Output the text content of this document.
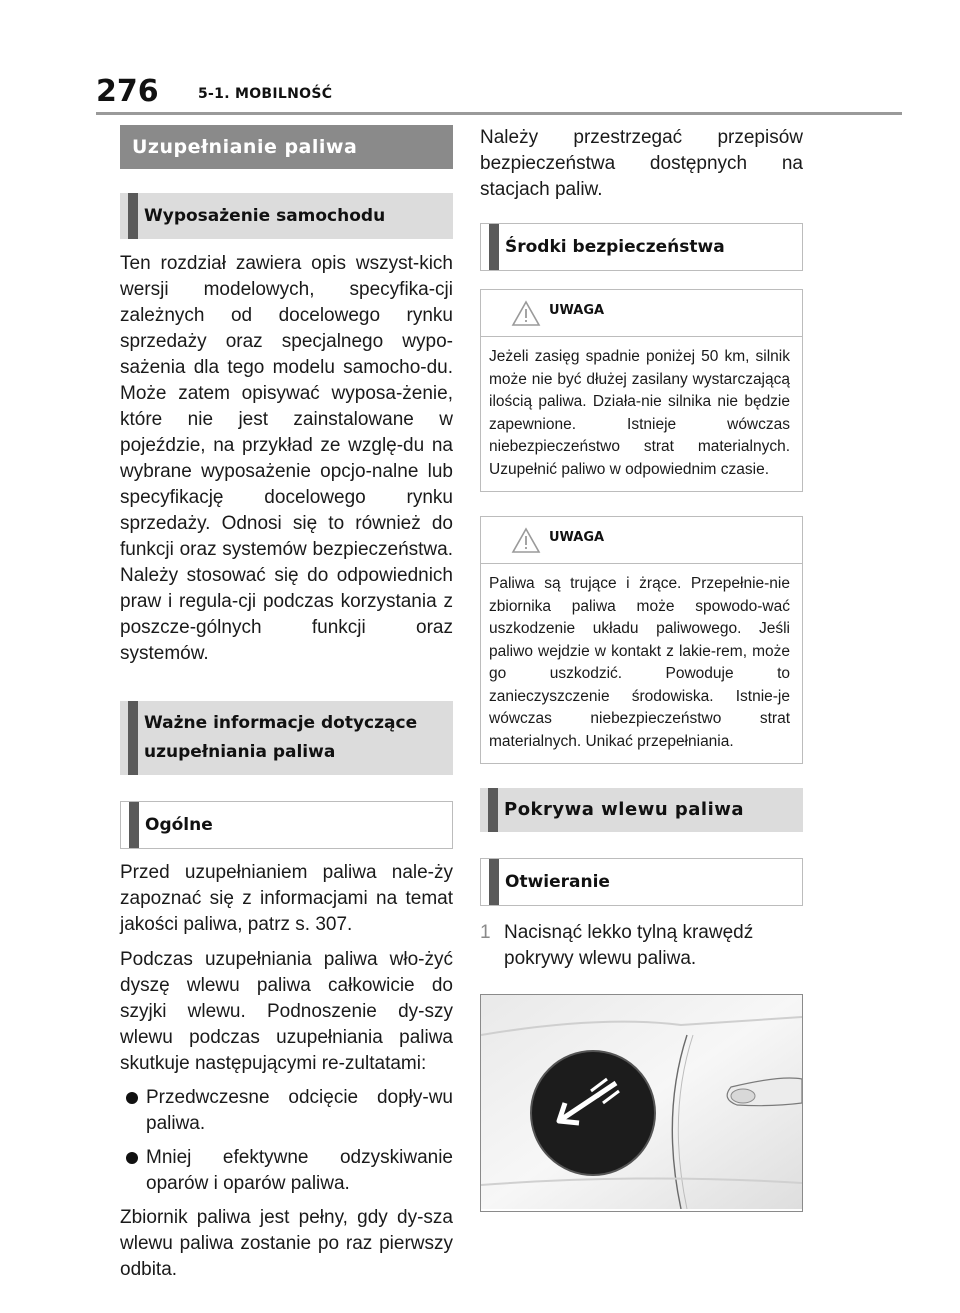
276	5-1. MOBILNOŚĆ
Uzupełnianie paliwa
Wyposażenie samochodu

Ten rozdział zawiera opis wszyst-kich wersji modelowych, specyfika-cji zależnych od docelowego rynku sprzedaży oraz specjalnego wypo-sażenia dla tego modelu samocho-du. Może zatem opisywać wyposa-żenie, które nie jest zainstalowane w pojeździe, na przykład ze wzglę-du na wybrane wyposażenie opcjo-nalne lub specyfikację docelowego rynku sprzedaży. Odnosi się to również do funkcji oraz systemów bezpieczeństwa. Należy stosować się do odpowiednich praw i regula-cji podczas korzystania z poszcze-gólnych funkcji oraz systemów.

Ważne informacje dotyczące uzupełniania paliwa
Ogólne

Przed uzupełnianiem paliwa nale-ży zapoznać się z informacjami na temat jakości paliwa, patrz s. 307.

Podczas uzupełniania paliwa wło-żyć dyszę wlewu paliwa całkowicie do szyjki wlewu. Podnoszenie dy-szy wlewu podczas uzupełniania paliwa skutkuje następującymi re-zultatami:

Przedwczesne odcięcie dopły-wu paliwa.
Mniej efektywne odzyskiwanie oparów i oparów paliwa.

Zbiornik paliwa jest pełny, gdy dy-sza wlewu paliwa zostanie po raz pierwszy odbita.

Należy przestrzegać przepisów bezpieczeństwa dostępnych na stacjach paliw.

Środki bezpieczeństwa
UWAGA
Jeżeli zasięg spadnie poniżej 50 km, silnik może nie być dłużej zasilany wystarczającą ilością paliwa. Działa-nie silnika nie będzie zapewnione. Istnieje wówczas niebezpieczeństwo strat materialnych. Uzupełnić paliwo w odpowiednim czasie.
UWAGA
Paliwa są trujące i żrące. Przepełnie-nie zbiornika paliwa może spowodo-wać uszkodzenie układu paliwowego. Jeśli paliwo wejdzie w kontakt z lakie-rem, może go uszkodzić. Powoduje to zanieczyszczenie środowiska. Istnie-je wówczas niebezpieczeństwo strat materialnych. Unikać przepełniania.
Pokrywa wlewu paliwa
Otwieranie
1 Nacisnąć lekko tylną krawędź pokrywy wlewu paliwa.
